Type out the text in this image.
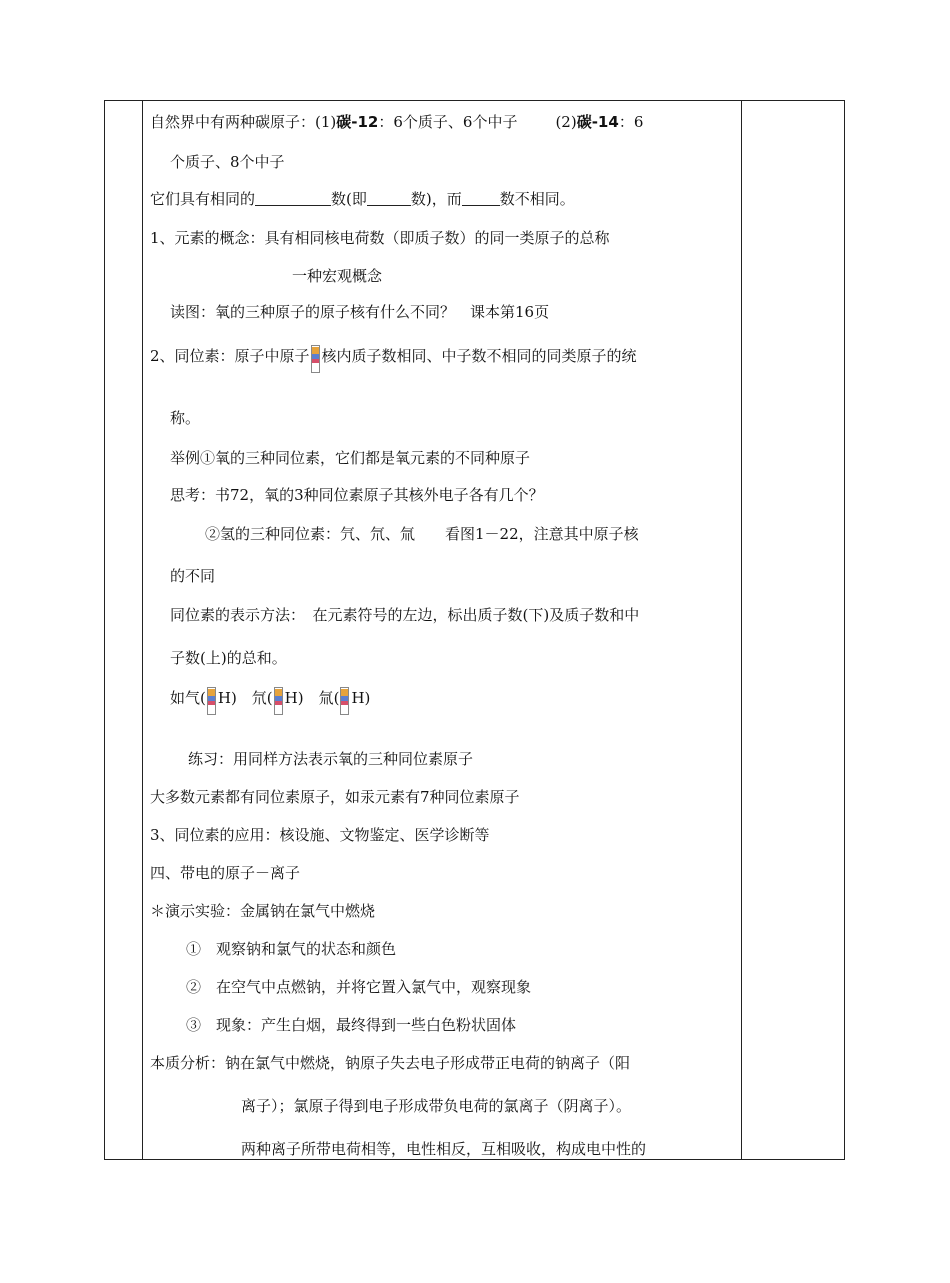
自然界中有两种碳原子：(1)碳-12：6个质子、6个中子	(2)碳-14：6
个质子、8个中子
它们具有相同的	数(即	数)，而	数不相同。
1、元素的概念：具有相同核电荷数（即质子数）的同一类原子的总称
一种宏观概念
读图：氧的三种原子的原子核有什么不同？　课本第16页
2、同位素：原子中原子 核内质子数相同、中子数不相同的同类原子的统
称。
举例①氧的三种同位素，它们都是氧元素的不同种原子
思考：书72，氧的3种同位素原子其核外电子各有几个？
②氢的三种同位素：氕、氘、氚　　看图1－22，注意其中原子核
的不同
同位素的表示方法：　在元素符号的左边，标出质子数(下)及质子数和中
子数(上)的总和。
如气( H)　氘( H)　氚( H)
练习：用同样方法表示氧的三种同位素原子
大多数元素都有同位素原子，如汞元素有7种同位素原子
3、同位素的应用：核设施、文物鉴定、医学诊断等
四、带电的原子－离子
＊演示实验：金属钠在氯气中燃烧
①　观察钠和氯气的状态和颜色
②　在空气中点燃钠，并将它置入氯气中，观察现象
③　现象：产生白烟，最终得到一些白色粉状固体
本质分析：钠在氯气中燃烧，钠原子失去电子形成带正电荷的钠离子（阳
离子）；氯原子得到电子形成带负电荷的氯离子（阴离子）。
两种离子所带电荷相等，电性相反，互相吸收，构成电中性的
